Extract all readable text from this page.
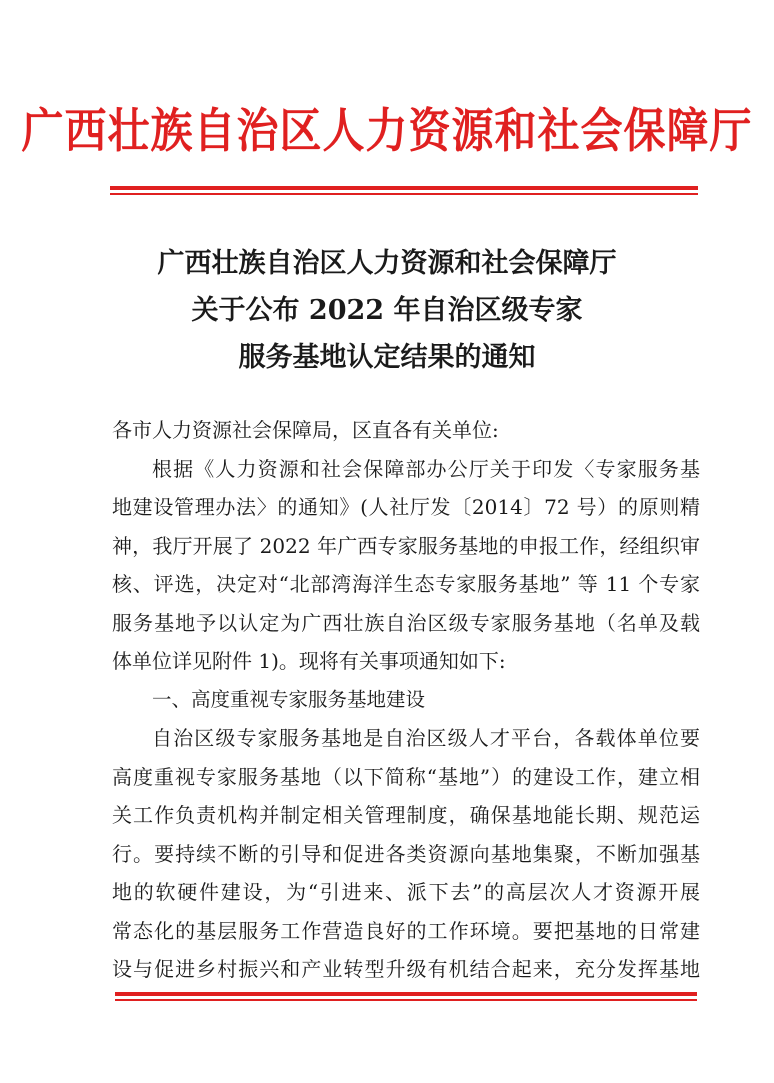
广西壮族自治区人力资源和社会保障厅
广西壮族自治区人力资源和社会保障厅
关于公布 2022 年自治区级专家
服务基地认定结果的通知
各市人力资源社会保障局，区直各有关单位:
根据《人力资源和社会保障部办公厅关于印发〈专家服务基
地建设管理办法〉的通知》(人社厅发〔2014〕72 号）的原则精
神，我厅开展了 2022 年广西专家服务基地的申报工作，经组织审
核、评选，决定对“北部湾海洋生态专家服务基地” 等 11 个专家
服务基地予以认定为广西壮族自治区级专家服务基地（名单及载
体单位详见附件 1)。现将有关事项通知如下:
一、高度重视专家服务基地建设
自治区级专家服务基地是自治区级人才平台，各载体单位要
高度重视专家服务基地（以下简称“基地”）的建设工作，建立相
关工作负责机构并制定相关管理制度，确保基地能长期、规范运
行。要持续不断的引导和促进各类资源向基地集聚，不断加强基
地的软硬件建设，为“引进来、派下去”的高层次人才资源开展
常态化的基层服务工作营造良好的工作环境。要把基地的日常建
设与促进乡村振兴和产业转型升级有机结合起来，充分发挥基地
